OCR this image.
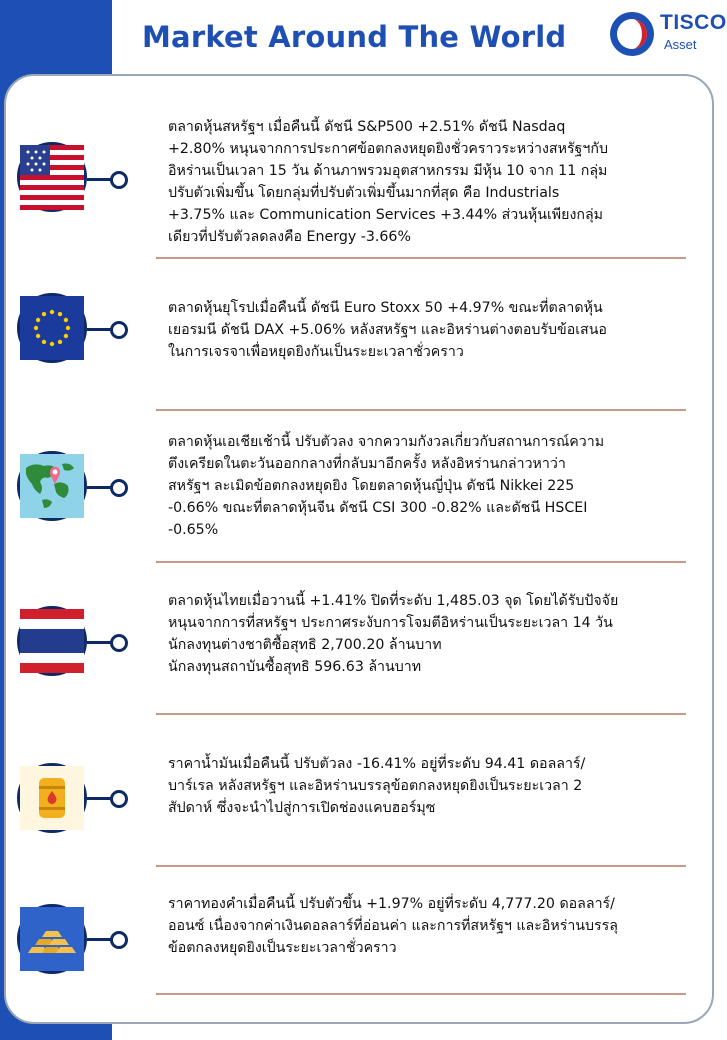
Market Around The World	TISCO
Asset

ตลาดหุ้นสหรัฐฯ เมื่อคืนนี้ ดัชนี S&P500 +2.51% ดัชนี Nasdaq

+2.80% หนุนจากการประกาศข้อตกลงหยุดยิงชั่วคราวระหว่างสหรัฐฯกับ

อิหร่านเป็นเวลา 15 วัน ด้านภาพรวมอุตสาหกรรม มีหุ้น 10 จาก 11 กลุ่ม

ปรับตัวเพิ่มขึ้น โดยกลุ่มที่ปรับตัวเพิ่มขึ้นมากที่สุด คือ Industrials

+3.75% และ Communication Services +3.44% ส่วนหุ้นเพียงกลุ่ม

เดียวที่ปรับตัวลดลงคือ Energy -3.66%

ตลาดหุ้นยุโรปเมื่อคืนนี้ ดัชนี Euro Stoxx 50 +4.97% ขณะที่ตลาดหุ้น

เยอรมนี ดัชนี DAX +5.06% หลังสหรัฐฯ และอิหร่านต่างตอบรับข้อเสนอ

ในการเจรจาเพื่อหยุดยิงกันเป็นระยะเวลาชั่วคราว

ตลาดหุ้นเอเชียเช้านี้ ปรับตัวลง จากความกังวลเกี่ยวกับสถานการณ์ความ

ตึงเครียดในตะวันออกกลางที่กลับมาอีกครั้ง หลังอิหร่านกล่าวหาว่า

สหรัฐฯ ละเมิดข้อตกลงหยุดยิง โดยตลาดหุ้นญี่ปุ่น ดัชนี Nikkei 225

-0.66% ขณะที่ตลาดหุ้นจีน ดัชนี CSI 300 -0.82% และดัชนี HSCEI

-0.65%

ตลาดหุ้นไทยเมื่อวานนี้ +1.41% ปิดที่ระดับ 1,485.03 จุด โดยได้รับปัจจัย

หนุนจากการที่สหรัฐฯ ประกาศระงับการโจมตีอิหร่านเป็นระยะเวลา 14 วัน

นักลงทุนต่างชาติซื้อสุทธิ 2,700.20 ล้านบาท

นักลงทุนสถาบันซื้อสุทธิ 596.63 ล้านบาท

ราคาน้ำมันเมื่อคืนนี้ ปรับตัวลง -16.41% อยู่ที่ระดับ 94.41 ดอลลาร์/

บาร์เรล หลังสหรัฐฯ และอิหร่านบรรลุข้อตกลงหยุดยิงเป็นระยะเวลา 2

สัปดาห์ ซึ่งจะนำไปสู่การเปิดช่องแคบฮอร์มุซ

ราคาทองคำเมื่อคืนนี้ ปรับตัวขึ้น +1.97% อยู่ที่ระดับ 4,777.20 ดอลลาร์/

ออนซ์ เนื่องจากค่าเงินดอลลาร์ที่อ่อนค่า และการที่สหรัฐฯ และอิหร่านบรรลุ

ข้อตกลงหยุดยิงเป็นระยะเวลาชั่วคราว
